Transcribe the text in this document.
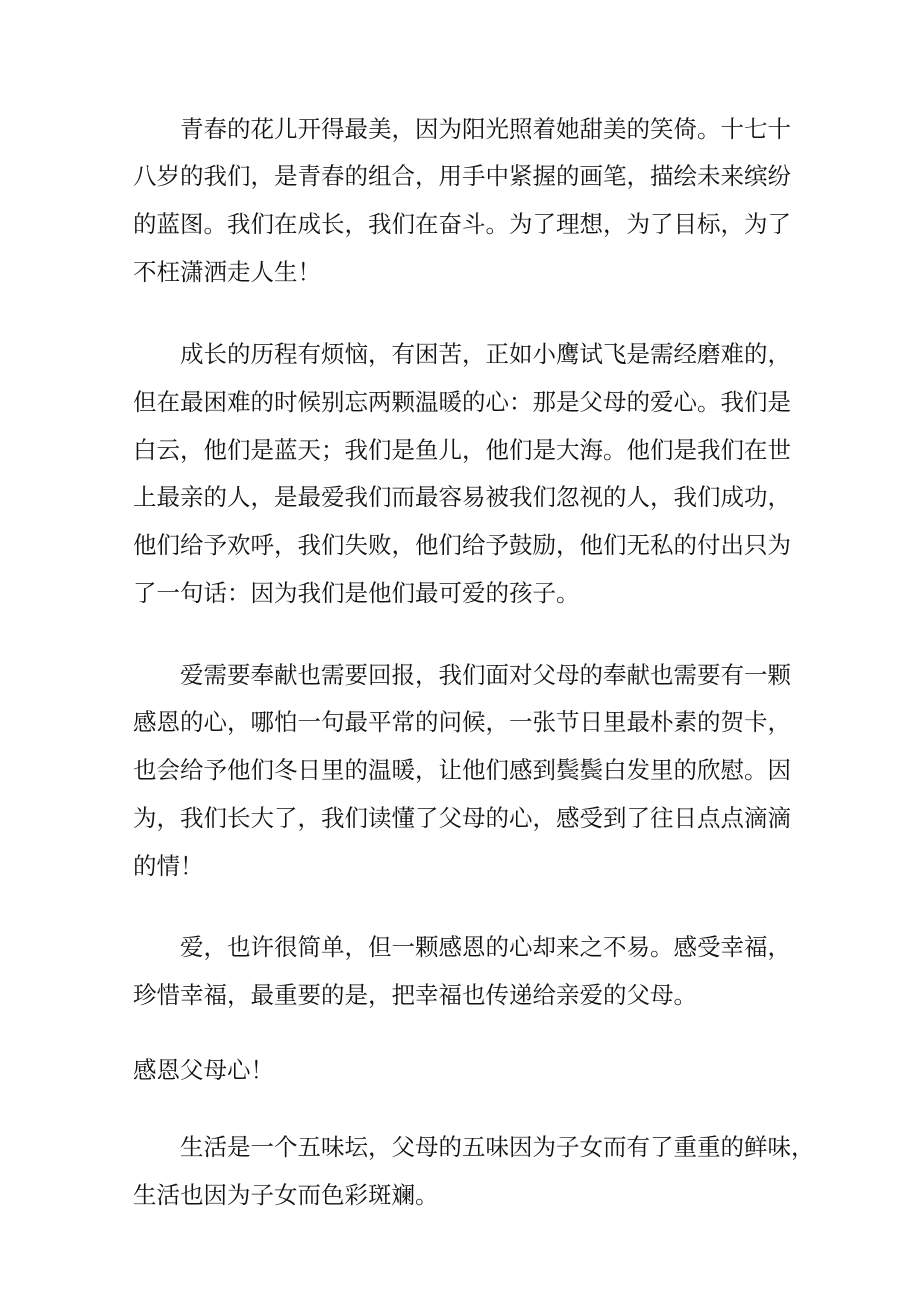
青春的花儿开得最美，因为阳光照着她甜美的笑倚。十七十
八岁的我们，是青春的组合，用手中紧握的画笔，描绘未来缤纷
的蓝图。我们在成长，我们在奋斗。为了理想，为了目标，为了
不枉潇洒走人生！
成长的历程有烦恼，有困苦，正如小鹰试飞是需经磨难的，
但在最困难的时候别忘两颗温暖的心：那是父母的爱心。我们是
白云，他们是蓝天；我们是鱼儿，他们是大海。他们是我们在世
上最亲的人，是最爱我们而最容易被我们忽视的人，我们成功，
他们给予欢呼，我们失败，他们给予鼓励，他们无私的付出只为
了一句话：因为我们是他们最可爱的孩子。
爱需要奉献也需要回报，我们面对父母的奉献也需要有一颗
感恩的心，哪怕一句最平常的问候，一张节日里最朴素的贺卡，
也会给予他们冬日里的温暖，让他们感到鬓鬓白发里的欣慰。因
为，我们长大了，我们读懂了父母的心，感受到了往日点点滴滴
的情！
爱，也许很简单，但一颗感恩的心却来之不易。感受幸福，
珍惜幸福，最重要的是，把幸福也传递给亲爱的父母。
感恩父母心！
生活是一个五味坛，父母的五味因为子女而有了重重的鲜味，
生活也因为子女而色彩斑斓。
